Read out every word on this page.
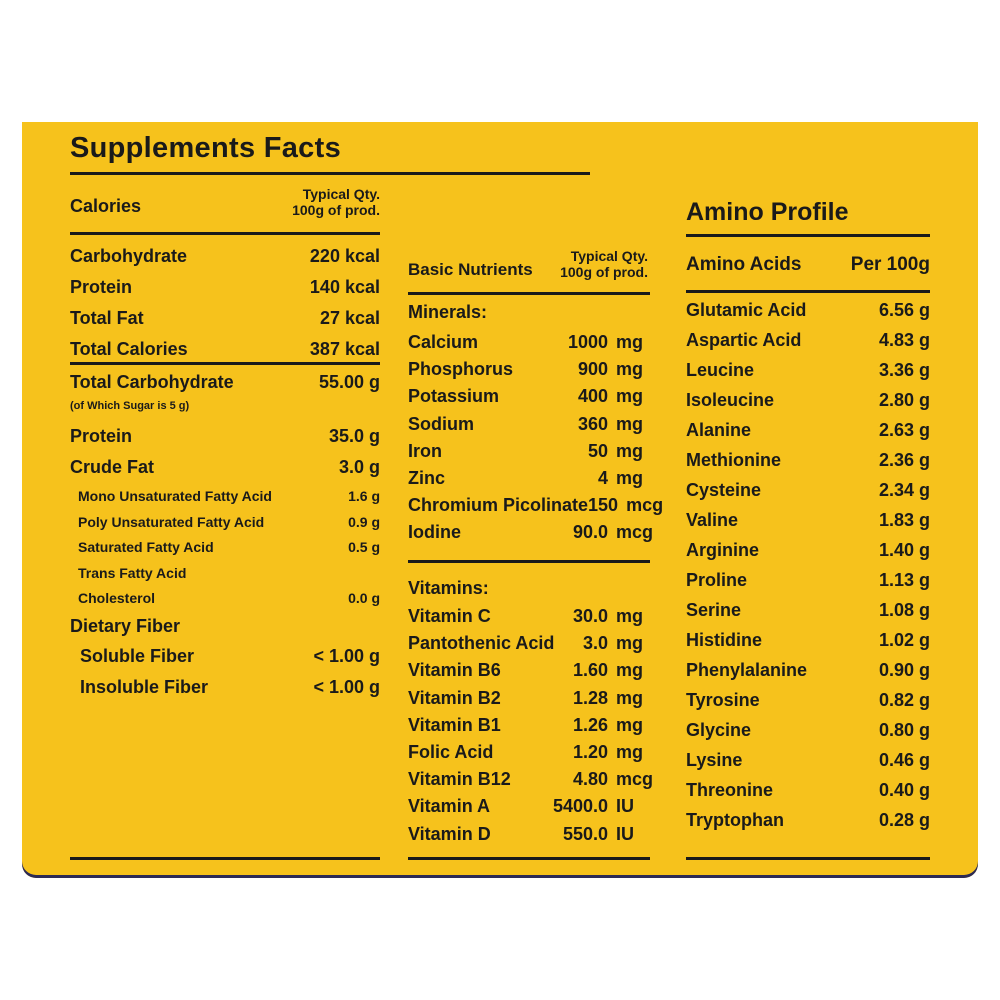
Supplements Facts
Calories
Typical Qty.
100g of prod.
Carbohydrate	220 kcal
Protein	140 kcal
Total Fat	27 kcal
Total Calories	387 kcal
Total Carbohydrate	55.00 g
(of Which Sugar is 5 g)
Protein	35.0 g
Crude Fat	3.0 g
Mono Unsaturated Fatty Acid	1.6 g
Poly Unsaturated Fatty Acid	0.9 g
Saturated Fatty Acid	0.5 g
Trans Fatty Acid
Cholesterol	0.0 g
Dietary Fiber
Soluble Fiber	< 1.00 g
Insoluble Fiber	< 1.00 g
Basic Nutrients
Typical Qty.
100g of prod.
Minerals:
Calcium	1000 mg
Phosphorus	900 mg
Potassium	400 mg
Sodium	360 mg
Iron	50 mg
Zinc	4 mg
Chromium Picolinate 150 mcg
Iodine	90.0 mcg
Vitamins:
Vitamin C	30.0 mg
Pantothenic Acid 3.0 mg
Vitamin B6	1.60 mg
Vitamin B2	1.28 mg
Vitamin B1	1.26 mg
Folic Acid	1.20 mg
Vitamin B12	4.80 mcg
Vitamin A	5400.0 IU
Vitamin D	550.0 IU
Amino Profile
Amino Acids	Per 100g
Glutamic Acid	6.56 g
Aspartic Acid	4.83 g
Leucine	3.36 g
Isoleucine	2.80 g
Alanine	2.63 g
Methionine	2.36 g
Cysteine	2.34 g
Valine	1.83 g
Arginine	1.40 g
Proline	1.13 g
Serine	1.08 g
Histidine	1.02 g
Phenylalanine	0.90 g
Tyrosine	0.82 g
Glycine	0.80 g
Lysine	0.46 g
Threonine	0.40 g
Tryptophan	0.28 g
